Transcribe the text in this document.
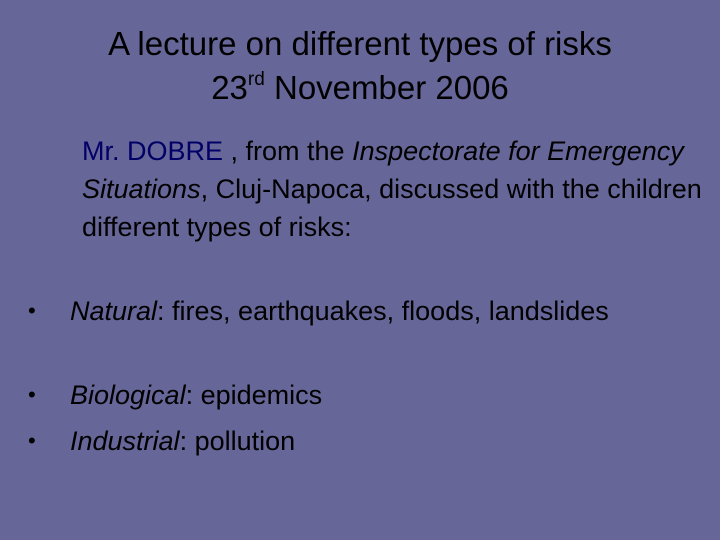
A lecture on different types of risks
23rd November 2006
Mr. DOBRE , from the Inspectorate for Emergency Situations, Cluj-Napoca, discussed with the children different types of risks:
• Natural: fires, earthquakes, floods, landslides
• Biological: epidemics
• Industrial: pollution
